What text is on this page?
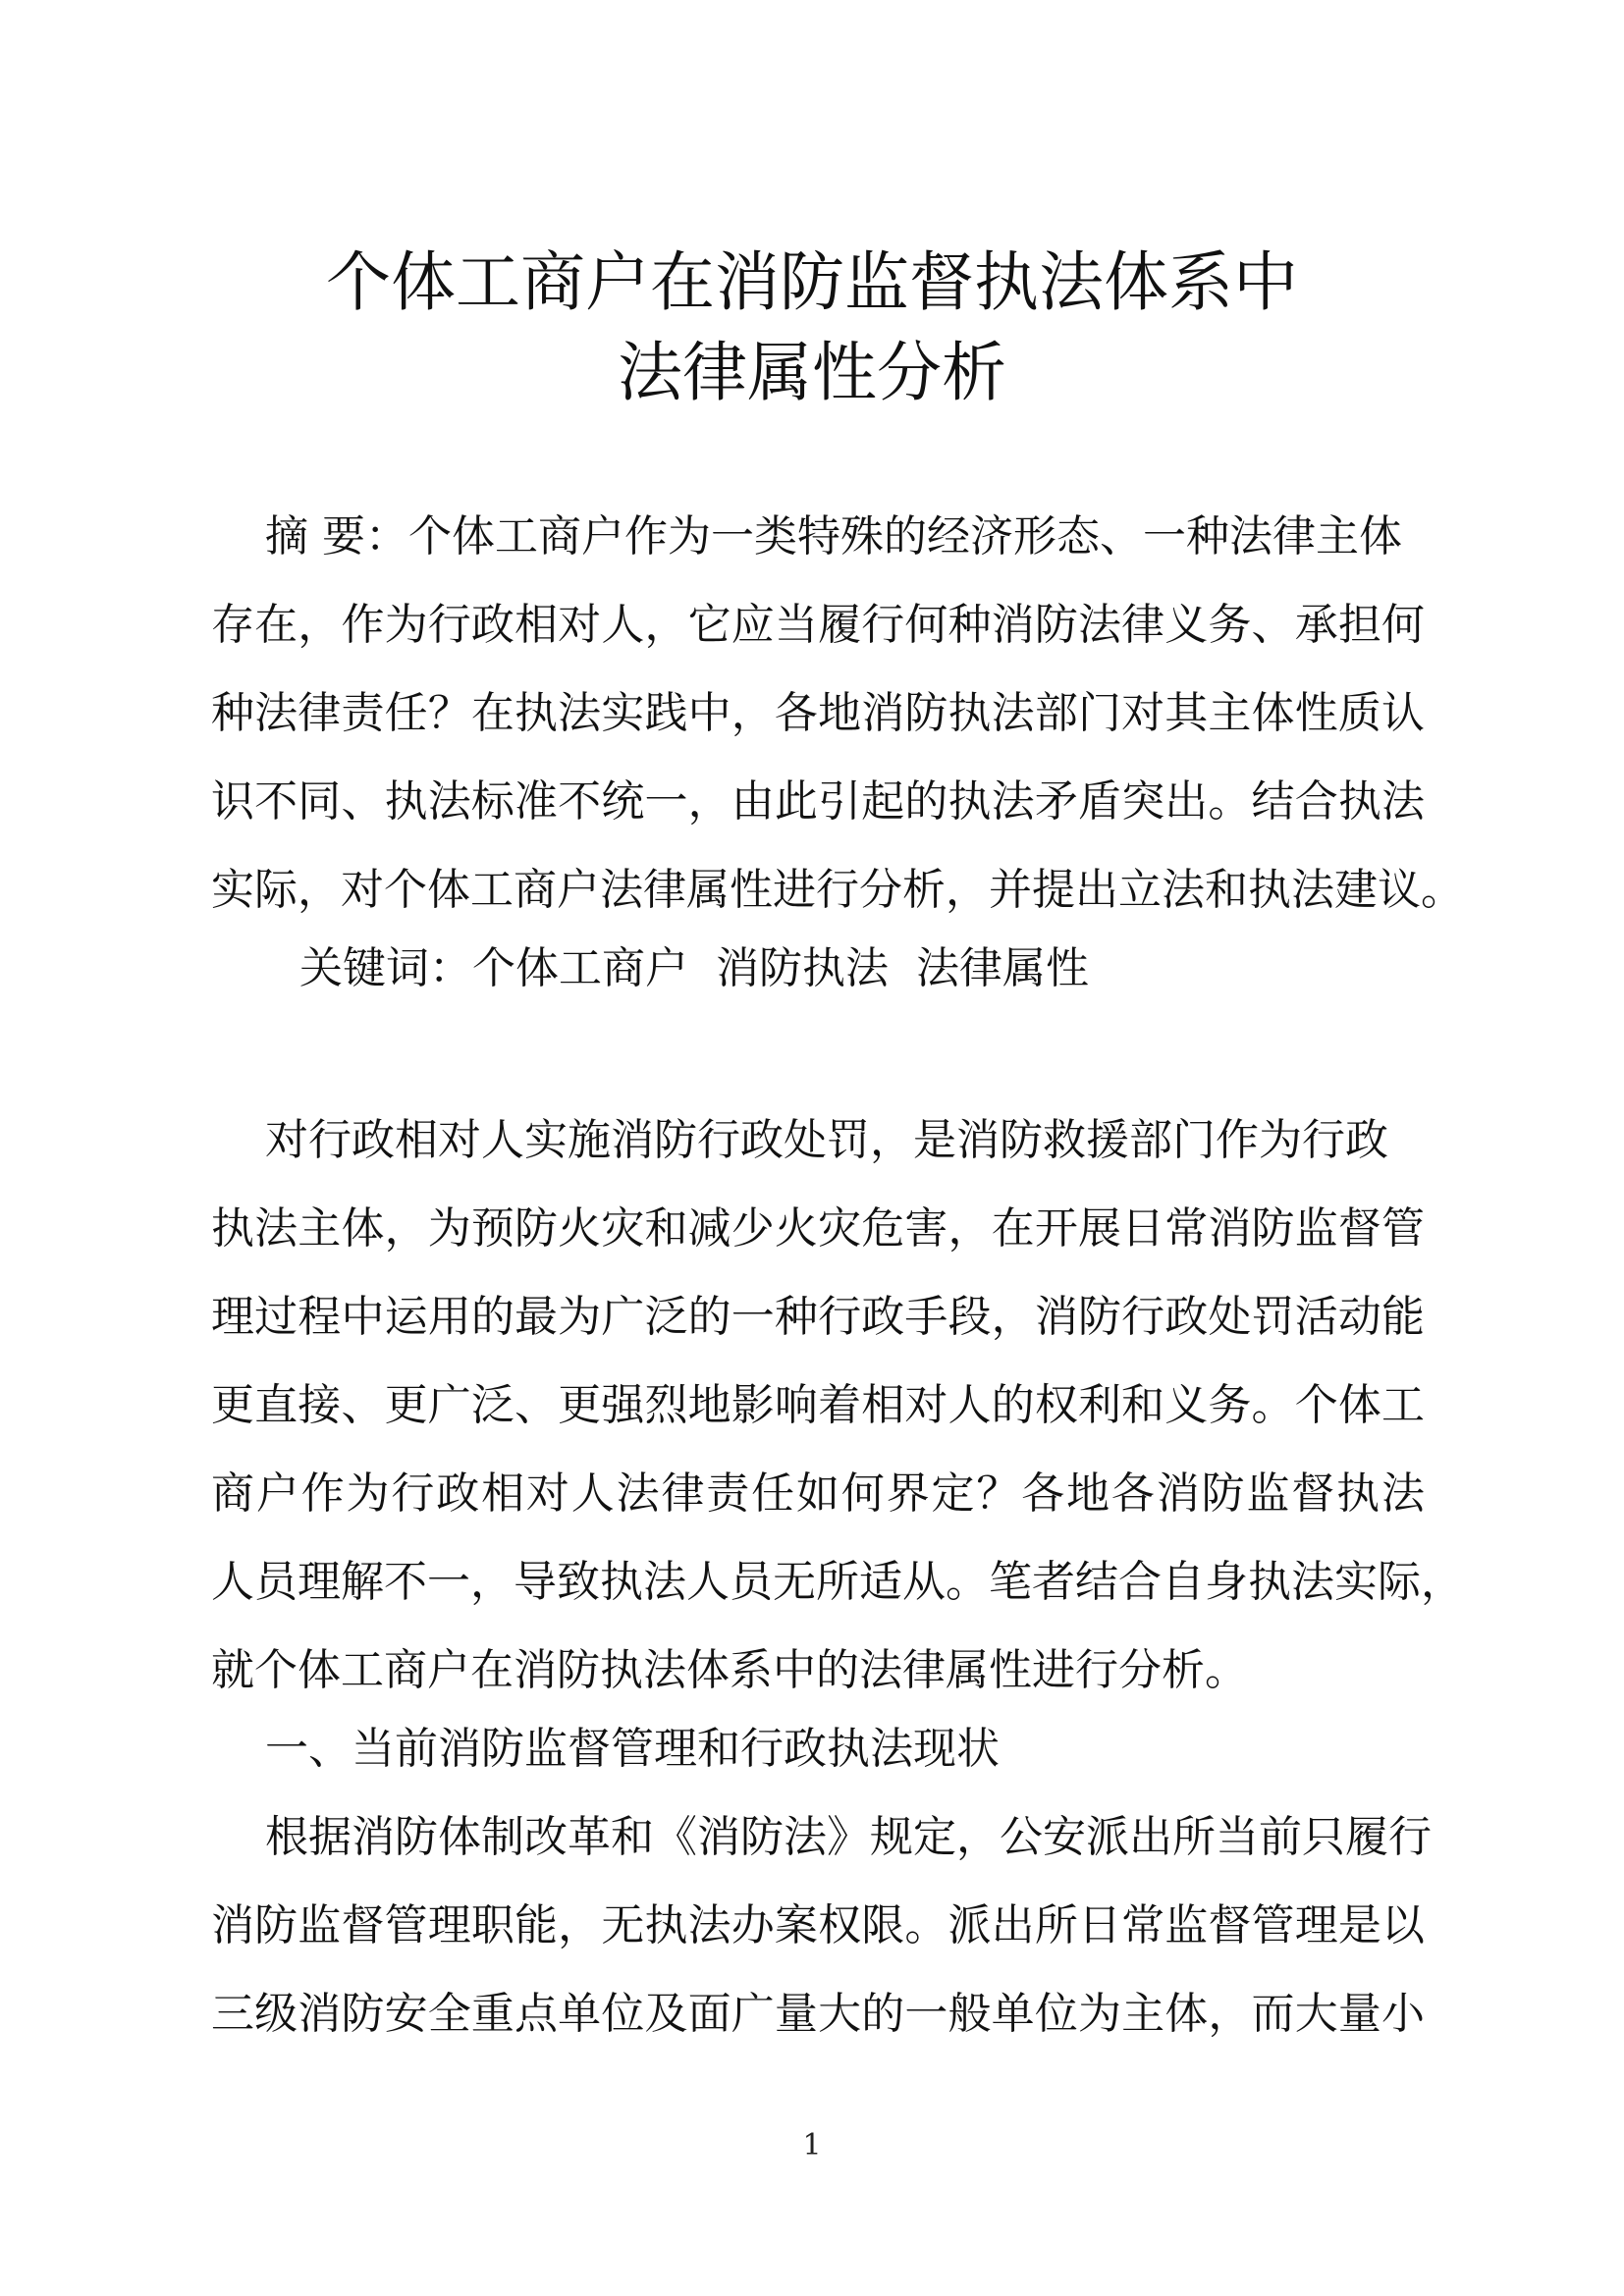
个体工商户在消防监督执法体系中
法律属性分析
摘 要：个体工商户作为一类特殊的经济形态、一种法律主体
存在，作为行政相对人，它应当履行何种消防法律义务、承担何
种法律责任？在执法实践中，各地消防执法部门对其主体性质认
识不同、执法标准不统一，由此引起的执法矛盾突出。结合执法
实际，对个体工商户法律属性进行分析，并提出立法和执法建议。
关键词：个体工商户  消防执法  法律属性
对行政相对人实施消防行政处罚，是消防救援部门作为行政
执法主体，为预防火灾和减少火灾危害，在开展日常消防监督管
理过程中运用的最为广泛的一种行政手段，消防行政处罚活动能
更直接、更广泛、更强烈地影响着相对人的权利和义务。个体工
商户作为行政相对人法律责任如何界定？各地各消防监督执法
人员理解不一，导致执法人员无所适从。笔者结合自身执法实际，
就个体工商户在消防执法体系中的法律属性进行分析。
一、当前消防监督管理和行政执法现状
根据消防体制改革和《消防法》规定，公安派出所当前只履行
消防监督管理职能，无执法办案权限。派出所日常监督管理是以
三级消防安全重点单位及面广量大的一般单位为主体，而大量小
1
